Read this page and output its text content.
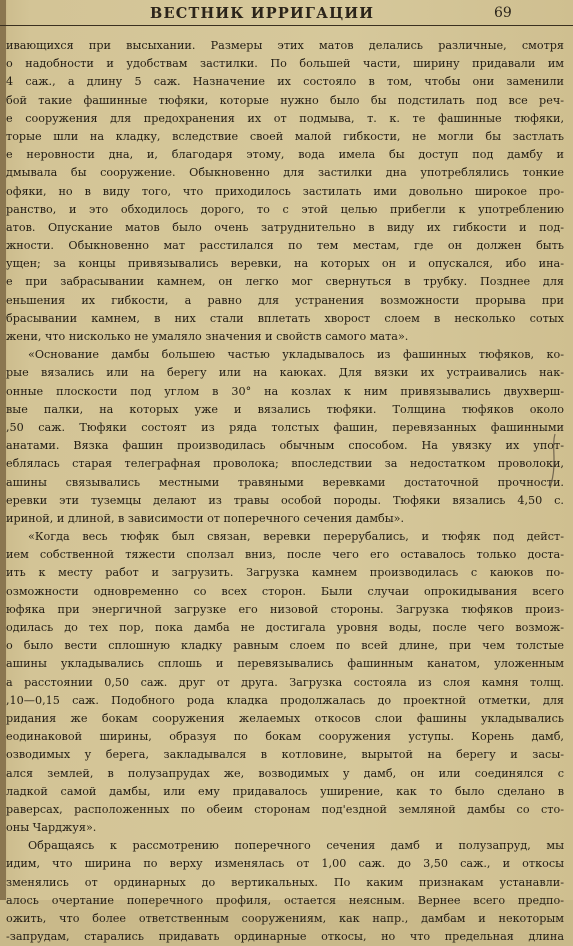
ВЕСТНИК ИРРИГАЦИИ	69
ивающихся при высыхании. Размеры этих матов делались различные, смотря
о надобности и удобствам застилки. По большей части, ширину придавали им
4 саж., а длину 5 саж. Назначение их состояло в том, чтобы они заменили
бой такие фашинные тюфяки, которые нужно было бы подстилать под все реч-
е сооружения для предохранения их от подмыва, т. к. те фашинные тюфяки,
торые шли на кладку, вследствие своей малой гибкости, не могли бы застлать
е неровности дна, и, благодаря этому, вода имела бы доступ под дамбу и
дмывала бы сооружение. Обыкновенно для застилки дна употреблялись тонкие
офяки, но в виду того, что приходилось застилать ими довольно широкое про-
ранство, и это обходилось дорого, то с этой целью прибегли к употреблению
атов. Опускание матов было очень затруднительно в виду их гибкости и под-
жности. Обыкновенно мат расстилался по тем местам, где он должен быть
ущен; за концы привязывались веревки, на которых он и опускался, ибо ина-
е при забрасывании камнем, он легко мог свернуться в трубку. Позднее для
еньшения их гибкости, а равно для устранения возможности прорыва при
брасывании камнем, в них стали вплетать хворост слоем в несколько сотых
жени, что нисколько не умаляло значения и свойств самого мата».
«Основание дамбы большею частью укладывалось из фашинных тюфяков, ко-
рые вязались или на берегу или на каюках. Для вязки их устраивались нак-
онные плоскости под углом в 30° на козлах к ним привязывались двухверш-
вые палки, на которых уже и вязались тюфяки. Толщина тюфяков около
,50 саж. Тюфяки состоят из ряда толстых фашин, перевязанных фашинными
анатами. Вязка фашин производилась обычным способом. На увязку их упот-
еблялась старая телеграфная проволока; впоследствии за недостатком проволоки,
ашины связывались местными травяными веревками достаточной прочности.
еревки эти туземцы делают из травы особой породы. Тюфяки вязались 4,50 с.
ириной, и длиной, в зависимости от поперечного сечения дамбы».
«Когда весь тюфяк был связан, веревки перерубались, и тюфяк под дейст-
ием собственной тяжести сползал вниз, после чего его оставалось только доста-
ить к месту работ и загрузить. Загрузка камнем производилась с каюков по-
озможности одновременно со всех сторон. Были случаи опрокидывания всего
юфяка при энергичной загрузке его низовой стороны. Загрузка тюфяков произ-
одилась до тех пор, пока дамба не достигала уровня воды, после чего возмож-
о было вести сплошную кладку равным слоем по всей длине, при чем толстые
ашины укладывались сплошь и перевязывались фашинным канатом, уложенным
а расстоянии 0,50 саж. друг от друга. Загрузка состояла из слоя камня толщ.
,10—0,15 саж. Подобного рода кладка продолжалась до проектной отметки, для
ридания же бокам сооружения желаемых откосов слои фашины укладывались
еодинаковой ширины, образуя по бокам сооружения уступы. Корень дамб,
озводимых у берега, закладывался в котловине, вырытой на берегу и засы-
ался землей, в полузапрудах же, возводимых у дамб, он или соединялся с
ладкой самой дамбы, или ему придавалось уширение, как то было сделано в
раверсах, расположенных по обеим сторонам под'ездной земляной дамбы со сто-
оны Чарджуя».
Обращаясь к рассмотрению поперечного сечения дамб и полузапруд, мы
идим, что ширина по верху изменялась от 1,00 саж. до 3,50 саж., и откосы
зменялись от ординарных до вертикальных. По каким признакам устанавли-
алось очертание поперечного профиля, остается неясным. Вернее всего предпо-
ожить, что более ответственным сооружениям, как напр., дамбам и некоторым
-запрудам, старались придавать ординарные откосы, но что предельная длина
